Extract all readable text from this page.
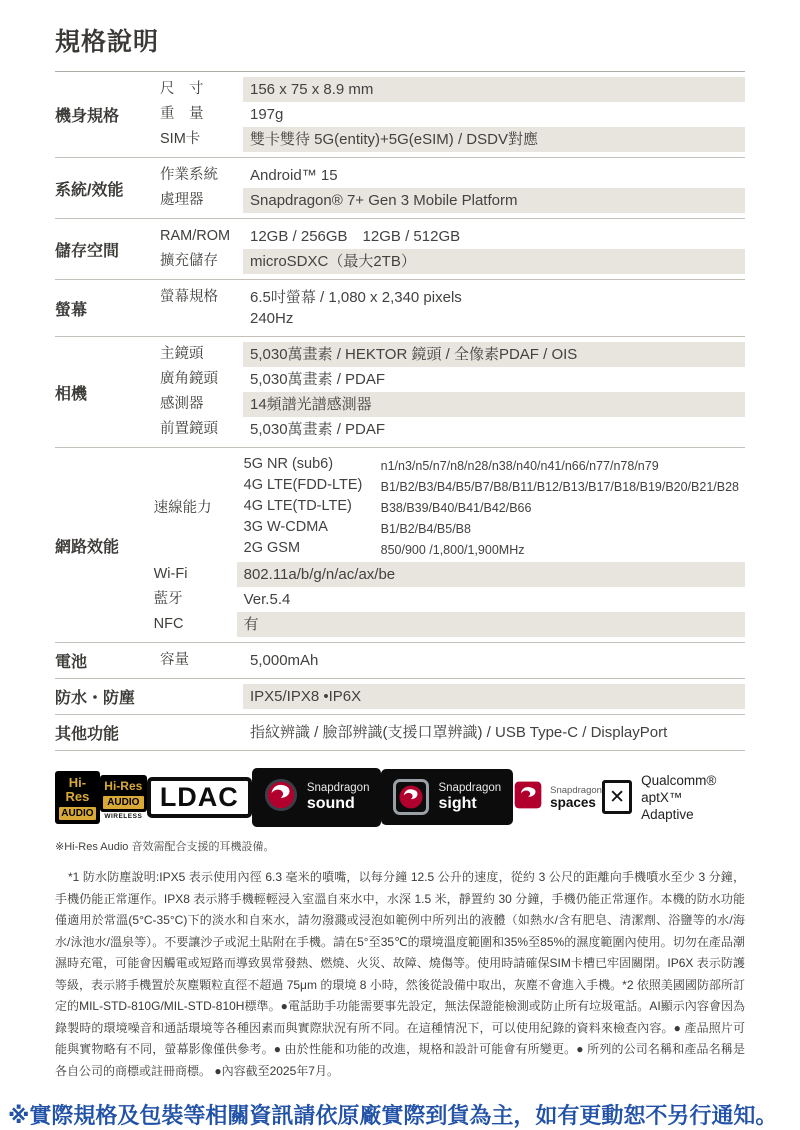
規格說明
機身規格
尺　寸	156 x 75 x 8.9 mm
重　量	197g
SIM卡	雙卡雙待 5G(entity)+5G(eSIM) / DSDV對應
系統/效能
作業系統	Android™ 15
處理器	Snapdragon® 7+ Gen 3 Mobile Platform
儲存空間
RAM/ROM	12GB / 256GB  12GB / 512GB
擴充儲存	microSDXC（最大2TB）
螢幕
螢幕規格	6.5吋螢幕 / 1,080 x 2,340 pixels
240Hz
相機
主鏡頭	5,030萬畫素 / HEKTOR 鏡頭 / 全像素PDAF / OIS
廣角鏡頭	5,030萬畫素 / PDAF
感測器	14頻譜光譜感測器
前置鏡頭	5,030萬畫素 / PDAF
網路效能
速線能力
5G NR (sub6)	n1/n3/n5/n7/n8/n28/n38/n40/n41/n66/n77/n78/n79
4G LTE(FDD-LTE)	B1/B2/B3/B4/B5/B7/B8/B11/B12/B13/B17/B18/B19/B20/B21/B28
4G LTE(TD-LTE)	B38/B39/B40/B41/B42/B66
3G W-CDMA	B1/B2/B4/B5/B8
2G GSM	850/900 /1,800/1,900MHz
Wi-Fi	802.11a/b/g/n/ac/ax/be
藍牙	Ver.5.4
NFC	有
電池	容量	5,000mAh
防水・防塵	IPX5/IPX8 •IP6X
其他功能	指紋辨識 / 臉部辨識(支援口罩辨識) / USB Type-C / DisplayPort
Hi-Res
AUDIO
Hi-Res
AUDIO
WIRELESS
LDAC	Snapdragon
sound
Snapdragon
sight
Snapdragon
spaces ✕
Qualcomm® aptX™
Adaptive
※Hi-Res Audio 音效需配合支援的耳機設備。
*1 防水防塵說明:IPX5 表示使用內徑 6.3 毫米的噴嘴，以每分鐘 12.5 公升的速度，從約 3 公尺的距離向手機噴水至少 3 分鐘，手機仍能正常運作。IPX8 表示將手機輕輕浸入室溫自來水中，水深 1.5 米，靜置約 30 分鐘，手機仍能正常運作。本機的防水功能僅適用於常溫(5°C-35°C)下的淡水和自來水，請勿潑濺或浸泡如範例中所列出的液體（如熱水/含有肥皂、清潔劑、浴鹽等的水/海水/泳池水/溫泉等）。不要讓沙子或泥土貼附在手機。請在5°至35℃的環境溫度範圍和35%至85%的濕度範圍內使用。切勿在產品潮濕時充電，可能會因觸電或短路而導致異常發熱、燃燒、火災、故障、燒傷等。使用時請確保SIM卡槽已牢固關閉。IP6X 表示防護等級，表示將手機置於灰塵顆粒直徑不超過 75μm 的環境 8 小時，然後從設備中取出，灰塵不會進入手機。*2 依照美國國防部所訂定的MIL-STD-810G/MIL-STD-810H標準。●電話助手功能需要事先設定，無法保證能檢測或防止所有垃圾電話。AI顯示內容會因為錄製時的環境噪音和通話環境等各種因素而與實際狀況有所不同。在這種情況下，可以使用紀錄的資料來檢查內容。● 產品照片可能與實物略有不同，螢幕影像僅供參考。● 由於性能和功能的改進，規格和設計可能會有所變更。● 所列的公司名稱和產品名稱是各自公司的商標或註冊商標。 ●內容截至2025年7月。
※實際規格及包裝等相關資訊請依原廠實際到貨為主，如有更動恕不另行通知。
